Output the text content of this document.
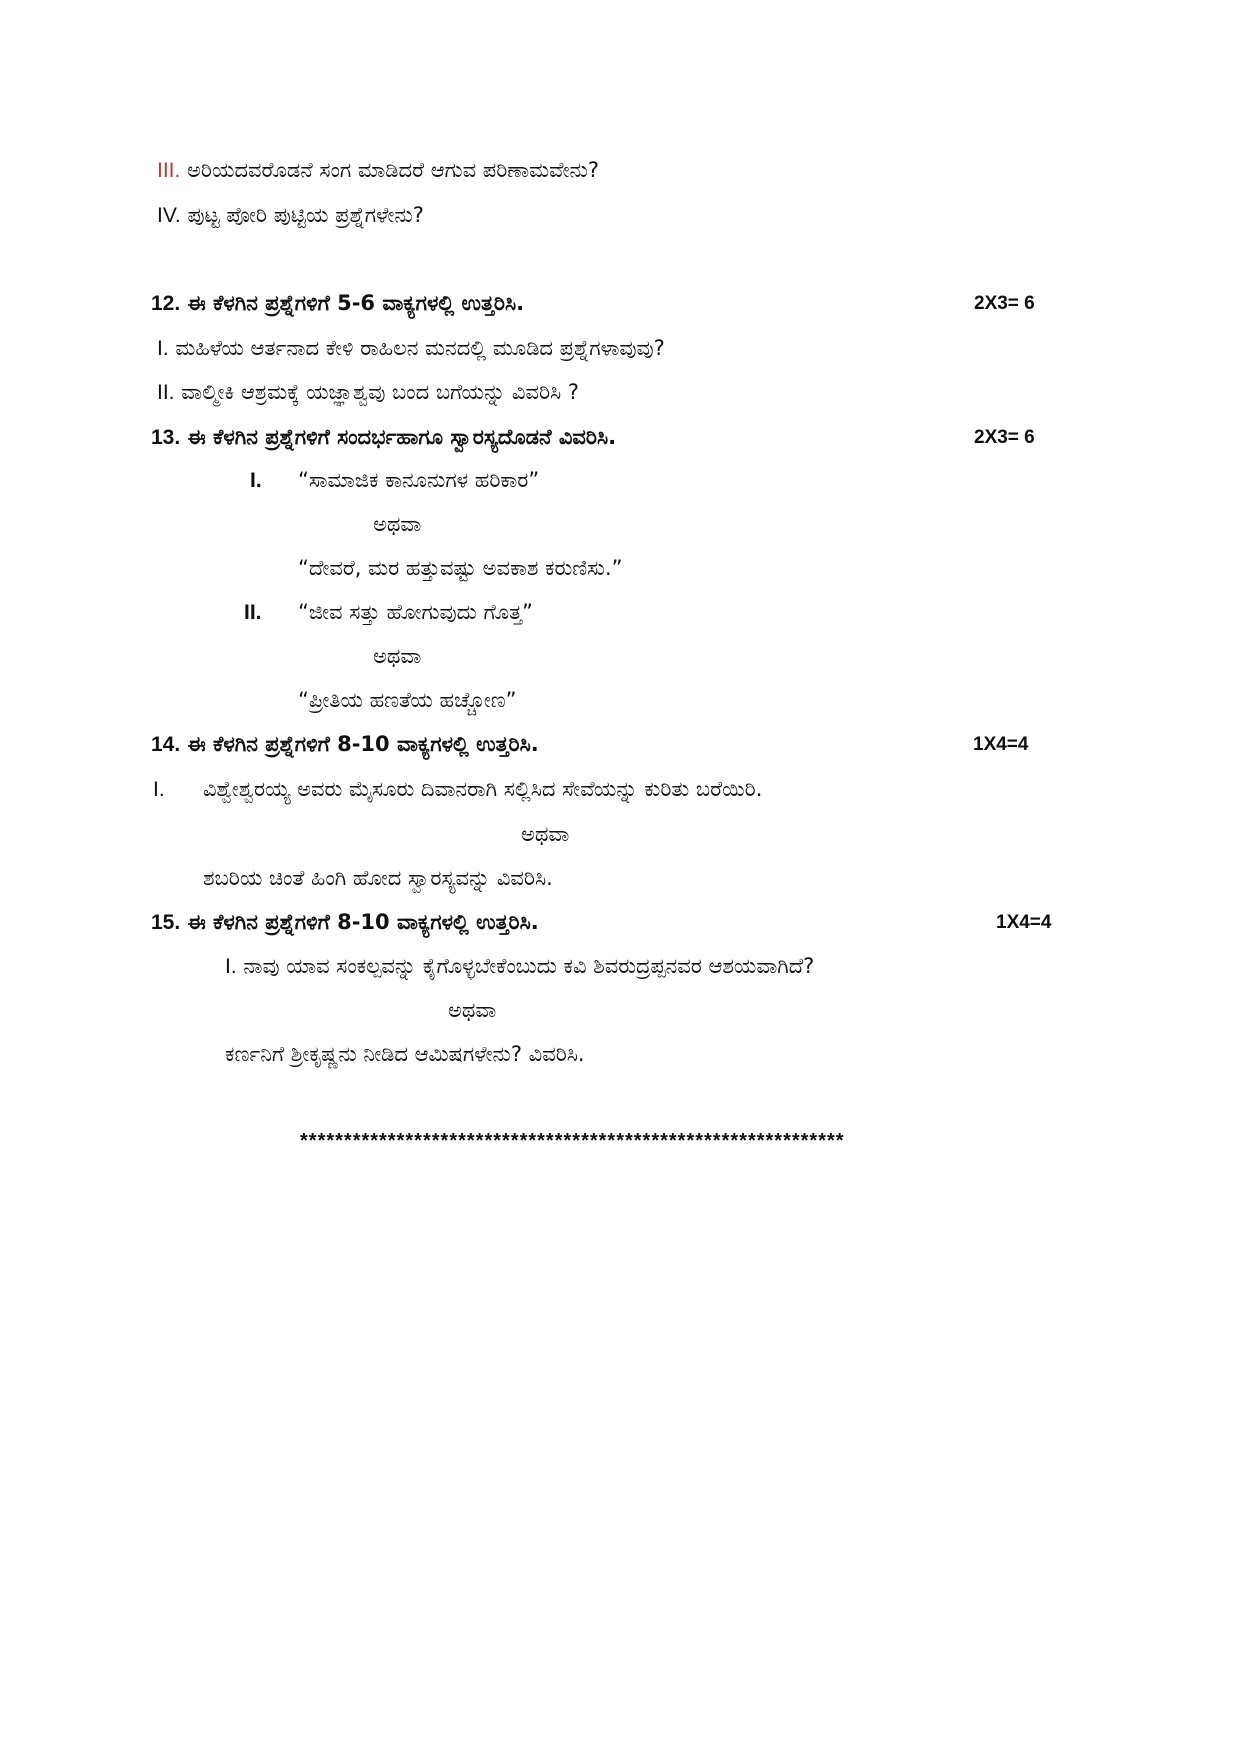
III. ಅರಿಯದವರೊಡನೆ ಸಂಗ ಮಾಡಿದರೆ ಆಗುವ ಪರಿಣಾಮವೇನು?
IV. ಪುಟ್ಟ ಪೋರಿ ಪುಟ್ಟಿಯ ಪ್ರಶ್ನೆಗಳೇನು?
12. ಈ ಕೆಳಗಿನ ಪ್ರಶ್ನೆಗಳಿಗೆ 5-6 ವಾಕ್ಯಗಳಲ್ಲಿ ಉತ್ತರಿಸಿ.	2X3= 6
I. ಮಹಿಳೆಯ ಆರ್ತನಾದ ಕೇಳಿ ರಾಹಿಲನ ಮನದಲ್ಲಿ ಮೂಡಿದ ಪ್ರಶ್ನೆಗಳಾವುವು?
II. ವಾಲ್ಮೀಕಿ ಆಶ್ರಮಕ್ಕೆ ಯಜ್ಞಾಶ್ವವು ಬಂದ ಬಗೆಯನ್ನು ವಿವರಿಸಿ ?
13. ಈ ಕೆಳಗಿನ ಪ್ರಶ್ನೆಗಳಿಗೆ ಸಂದರ್ಭಹಾಗೂ ಸ್ವಾರಸ್ಯದೊಡನೆ ವಿವರಿಸಿ.	2X3= 6
I. “ಸಾಮಾಜಿಕ ಕಾನೂನುಗಳ ಹರಿಕಾರ”
ಅಥವಾ
“ದೇವರೆ, ಮರ ಹತ್ತುವಷ್ಟು ಅವಕಾಶ ಕರುಣಿಸು.”
II. “ಜೀವ ಸತ್ತು ಹೋಗುವುದು ಗೊತ್ತ”
ಅಥವಾ
“ಪ್ರೀತಿಯ ಹಣತೆಯ ಹಚ್ಚೋಣ”
14. ಈ ಕೆಳಗಿನ ಪ್ರಶ್ನೆಗಳಿಗೆ 8-10 ವಾಕ್ಯಗಳಲ್ಲಿ ಉತ್ತರಿಸಿ.	1X4=4
I. ವಿಶ್ವೇಶ್ವರಯ್ಯ ಅವರು ಮೈಸೂರು ದಿವಾನರಾಗಿ ಸಲ್ಲಿಸಿದ ಸೇವೆಯನ್ನು ಕುರಿತು ಬರೆಯಿರಿ.
ಅಥವಾ
ಶಬರಿಯ ಚಿಂತೆ ಹಿಂಗಿ ಹೋದ ಸ್ವಾರಸ್ಯವನ್ನು ವಿವರಿಸಿ.
15. ಈ ಕೆಳಗಿನ ಪ್ರಶ್ನೆಗಳಿಗೆ 8-10 ವಾಕ್ಯಗಳಲ್ಲಿ ಉತ್ತರಿಸಿ.	1X4=4
I. ನಾವು ಯಾವ ಸಂಕಲ್ಪವನ್ನು ಕೈಗೊಳ್ಳಬೇಕೆಂಬುದು ಕವಿ ಶಿವರುದ್ರಪ್ಪನವರ ಆಶಯವಾಗಿದೆ?
ಅಥವಾ
ಕರ್ಣನಿಗೆ ಶ್ರೀಕೃಷ್ಣನು ನೀಡಿದ ಆಮಿಷಗಳೇನು? ವಿವರಿಸಿ.
**************************************************************
